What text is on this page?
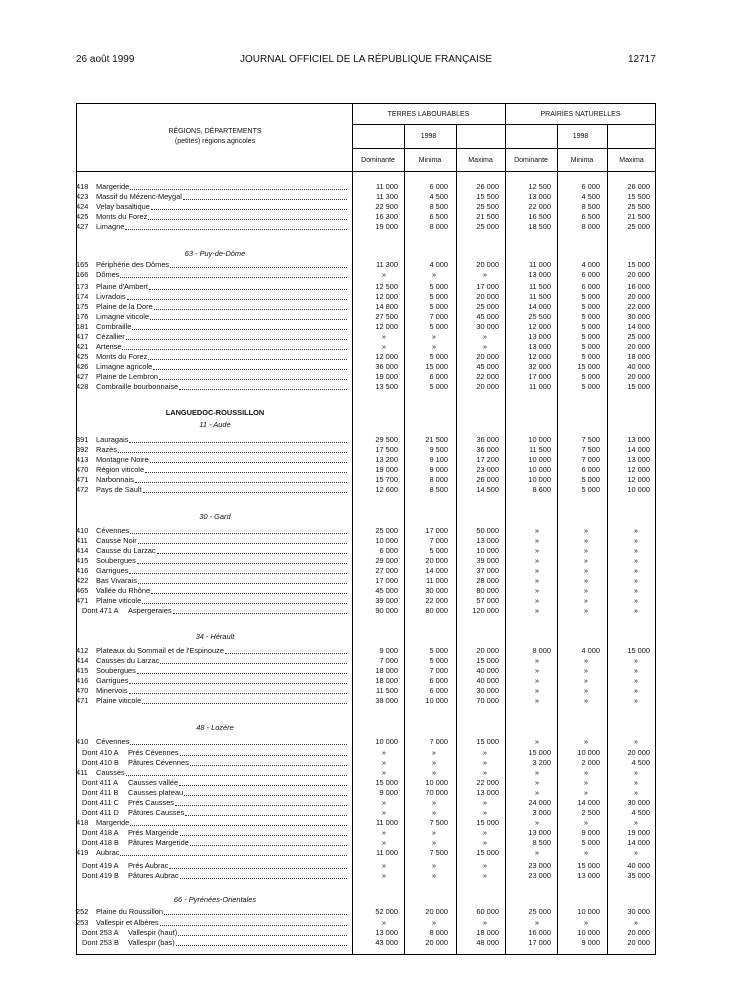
26 août 1999	JOURNAL OFFICIEL DE LA RÉPUBLIQUE FRANÇAISE	12717
RÉGIONS, DÉPARTEMENTS
(petites) régions agricoles
TERRES LABOURABLES	PRAIRIES NATURELLES
1998	1998
Dominante	Minima	Maxima	Dominante	Minima	Maxima
418 Margeride	11 000	6 000	26 000	12 500	6 000	26 000
423 Massif du Mézenc-Meygal	11 300	4 500	15 500	13 000	4 500	15 500
424 Velay basaltique	22 900	8 500	25 500	22 000	8 500	25 500
425 Monts du Forez	16 300	6 500	21 500	16 500	6 500	21 500
427 Limagne	19 000	8 000	25 000	18 500	8 000	25 000
63 - Puy-de-Dôme
165 Périphérie des Dômes	11 300	4 000	20 000	11 000	4 000	15 000
166 Dômes	»	»	»	13 000	6 000	20 000
173 Plaine d'Ambert	12 500	5 000	17 000	11 500	6 000	16 000
174 Livradois	12 000	5 000	20 000	11 500	5 000	20 000
175 Plaine de la Dore	14 800	5 000	25 000	14 000	5 000	22 000
176 Limagne viticole	27 500	7 000	45 000	25 500	5 000	30 000
181 Combraille	12 000	5 000	30 000	12 000	5 000	14 000
417 Cézallier	»	»	»	13 000	5 000	25 000
421 Artense	»	»	»	13 000	5 000	20 000
425 Monts du Forez	12 000	5 000	20 000	12 000	5 000	18 000
426 Limagne agricole	36 000	15 000	45 000	32 000	15 000	40 000
427 Plaine de Lembron	19 000	6 000	22 000	17 000	5 000	20 000
428 Combraille bourbonnaise	13 500	5 000	20 000	11 000	5 000	15 000
LANGUEDOC-ROUSSILLON
11 - Aude
391 Lauragais	29 500	21 500	36 000	10 000	7 500	13 000
392 Razès	17 500	9 500	36 000	11 500	7 500	14 000
413 Montagne Noire	13 200	9 100	17 200	10 000	7 000	13 000
470 Région viticole	19 000	9 000	23 000	10 000	6 000	12 000
471 Narbonnais	15 700	8 000	26 000	10 000	5 000	12 000
472 Pays de Sault	12 600	8 500	14 500	8 600	5 000	10 000
30 - Gard
410 Cévennes	25 000	17 000	50 000	»	»	»
411 Causse Noir	10 000	7 000	13 000	»	»	»
414 Causse du Larzac	6 000	5 000	10 000	»	»	»
415 Soubergues	29 000	20 000	39 000	»	»	»
416 Garrigues	27 000	14 000	37 000	»	»	»
422 Bas Vivarais	17 000	11 000	28 000	»	»	»
465 Vallée du Rhône	45 000	30 000	80 000	»	»	»
471 Plaine viticole	39 000	22 000	57 000	»	»	»
Dont 471 A Aspergeraies	90 000	80 000	120 000	»	»	»
34 - Hérault
412 Plateaux du Sommail et de l'Espinouze	9 000	5 000	20 000	8 000	4 000	15 000
414 Causses du Larzac	7 000	5 000	15 000	»	»	»
415 Soubergues	18 000	7 000	40 000	»	»	»
416 Garrigues	18 000	6 000	40 000	»	»	»
470 Minervois	11 500	6 000	30 000	»	»	»
471 Plaine viticole	38 000	10 000	70 000	»	»	»
48 - Lozère
410 Cévennes	10 000	7 000	15 000	»	»	»
Dont 410 A Prés Cévennes	»	»	»	15 000	10 000	20 000
Dont 410 B Pâtures Cévennes	»	»	»	3 200	2 000	4 500
411 Causses	»	»	»	»	»	»
Dont 411 A Causses vallée	15 000	10 000	22 000	»	»	»
Dont 411 B Causses plateau	9 000	70 000	13 000	»	»	»
Dont 411 C Prés Causses	»	»	»	24 000	14 000	30 000
Dont 411 D Pâtures Causses	»	»	»	3 000	2 500	4 500
418 Margeride	11 000	7 500	15 000	»	»	»
Dont 418 A Prés Margeride	»	»	»	13 000	9 000	19 000
Dont 418 B Pâtures Margeride	»	»	»	8 500	5 000	14 000
419 Aubrac	11 000	7 500	15 000	»	»	»
Dont 419 A Prés Aubrac	»	»	»	23 000	15 000	40 000
Dont 419 B Pâtures Aubrac	»	»	»	23 000	13 000	35 000
66 - Pyrénées-Orientales
252 Plaine du Roussillon	52 000	20 000	60 000	25 000	10 000	30 000
253 Vallespir et Albères	»	»	»	»	»	»
Dont 253 A Vallespir (haut)	13 000	8 000	18 000	16 000	10 000	20 000
Dont 253 B Vallespir (bas)	43 000	20 000	48 000	17 000	9 000	20 000
